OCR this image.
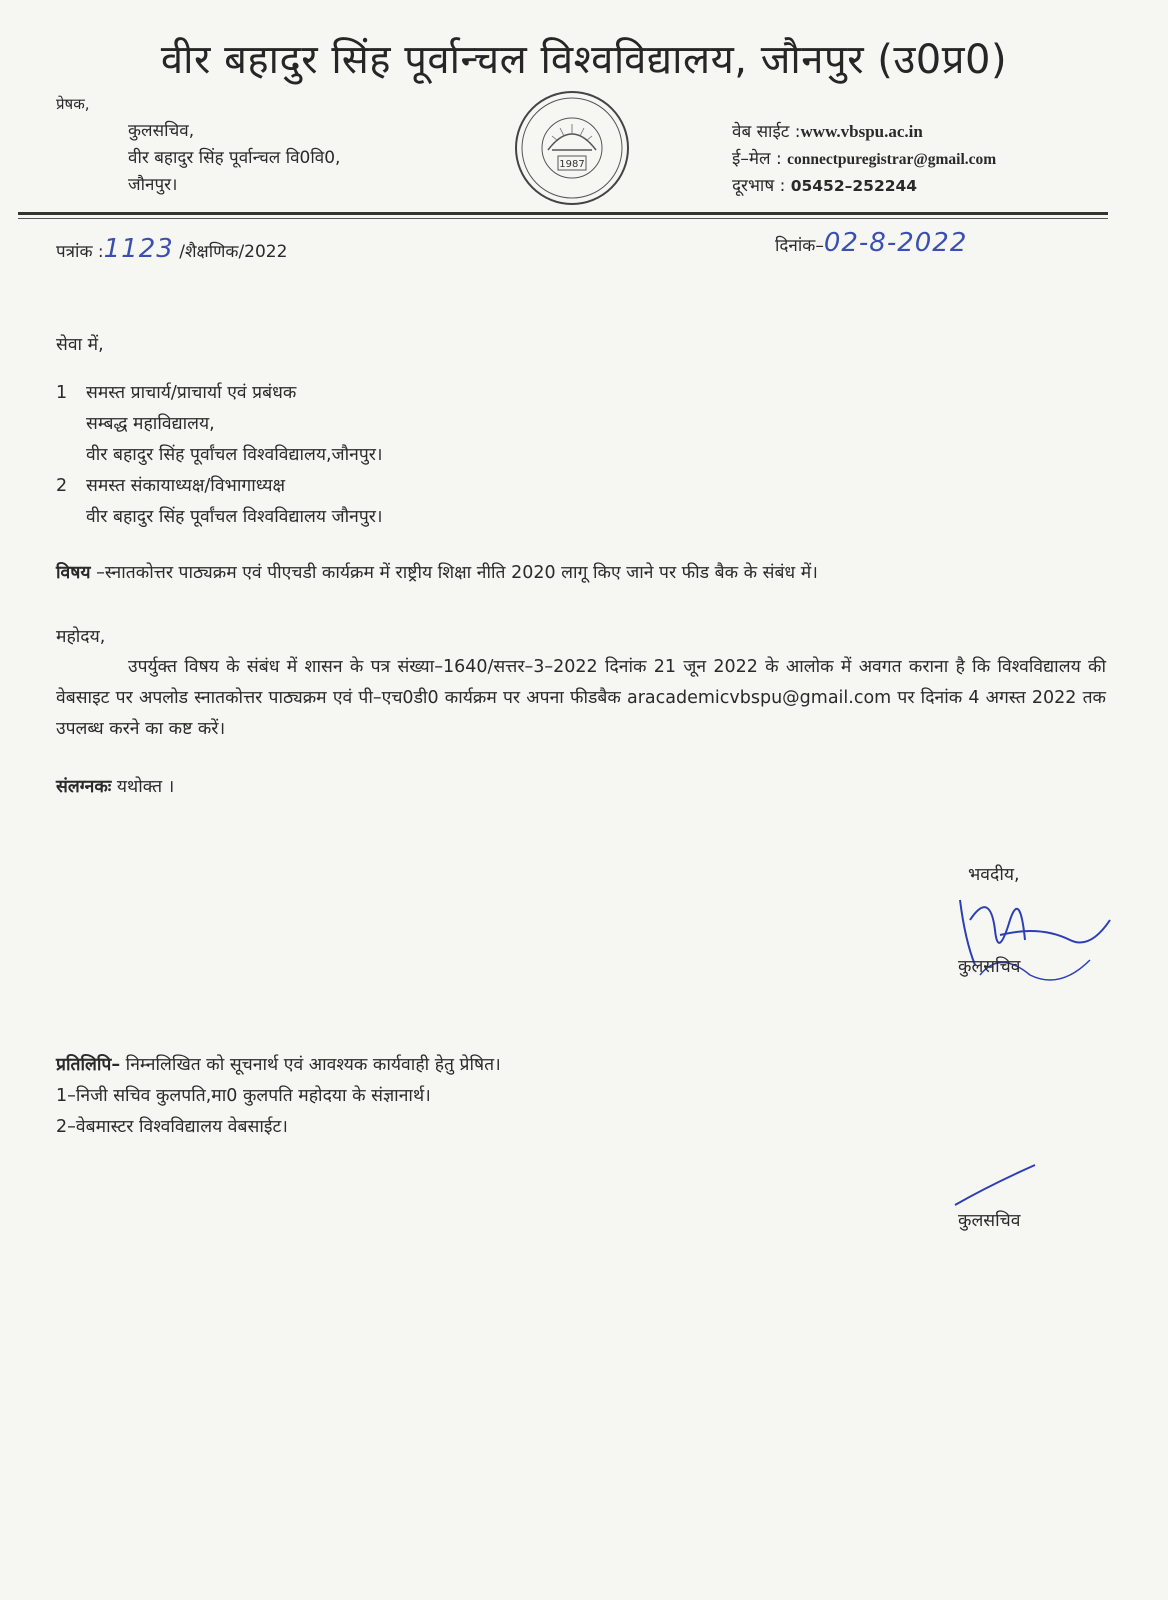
वीर बहादुर सिंह पूर्वान्चल विश्वविद्यालय, जौनपुर (उ0प्र0)
प्रेषक,
कुलसचिव,
वीर बहादुर सिंह पूर्वान्चल वि0वि0,
जौनपुर।
1987
वेब साईट :www.vbspu.ac.in
ई–मेल : connectpuregistrar@gmail.com
दूरभाष : 05452–252244
पत्रांक :1123 /शैक्षणिक/2022	दिनांक–02-8-2022
सेवा में,
1 समस्त प्राचार्य/प्राचार्या एवं प्रबंधक
सम्बद्ध महाविद्यालय,
वीर बहादुर सिंह पूर्वांचल विश्वविद्यालय,जौनपुर।
2 समस्त संकायाध्यक्ष/विभागाध्यक्ष
वीर बहादुर सिंह पूर्वांचल विश्वविद्यालय जौनपुर।
विषय –स्नातकोत्तर पाठ्यक्रम एवं पीएचडी कार्यक्रम में राष्ट्रीय शिक्षा नीति 2020 लागू किए जाने पर फीड बैक के संबंध में।
महोदय,
उपर्युक्त विषय के संबंध में शासन के पत्र संख्या–1640/सत्तर–3–2022 दिनांक 21 जून 2022 के आलोक में अवगत कराना है कि विश्वविद्यालय की वेबसाइट पर अपलोड स्नातकोत्तर पाठ्यक्रम एवं पी–एच0डी0 कार्यक्रम पर अपना फीडबैक aracademicvbspu@gmail.com पर दिनांक 4 अगस्त 2022 तक उपलब्ध करने का कष्ट करें।
संलग्नकः यथोक्त ।
भवदीय,
कुलसचिव
प्रतिलिपि– निम्नलिखित को सूचनार्थ एवं आवश्यक कार्यवाही हेतु प्रेषित।
1–निजी सचिव कुलपति,मा0 कुलपति महोदया के संज्ञानार्थ।
2–वेबमास्टर विश्वविद्यालय वेबसाईट।
कुलसचिव
